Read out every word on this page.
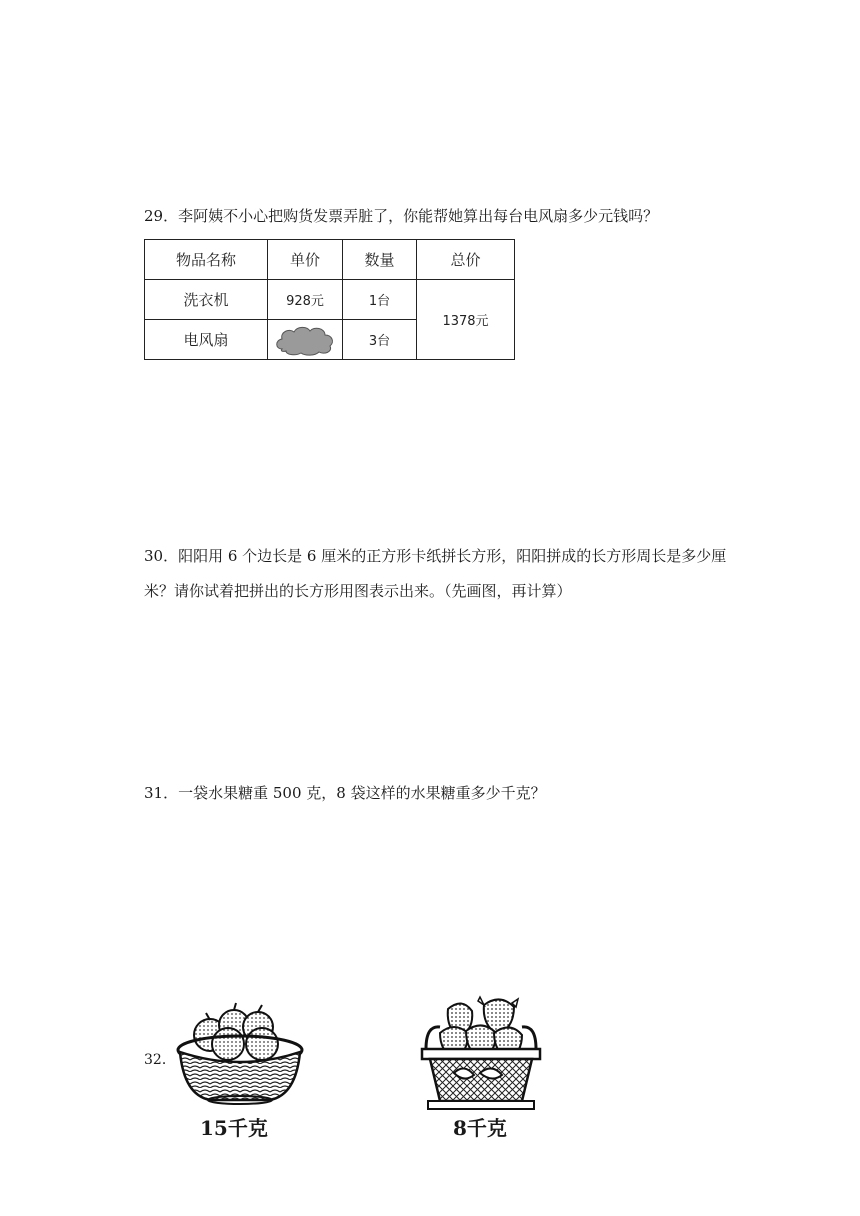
29．李阿姨不小心把购货发票弄脏了，你能帮她算出每台电风扇多少元钱吗？
物品名称	单价	数量	总价
洗衣机	928元	1台	1378元
电风扇		3台	
30．阳阳用 6 个边长是 6 厘米的正方形卡纸拼长方形，阳阳拼成的长方形周长是多少厘
米？请你试着把拼出的长方形用图表示出来。（先画图，再计算）
31．一袋水果糖重 500 克，8 袋这样的水果糖重多少千克？
32．
15千克	8千克
